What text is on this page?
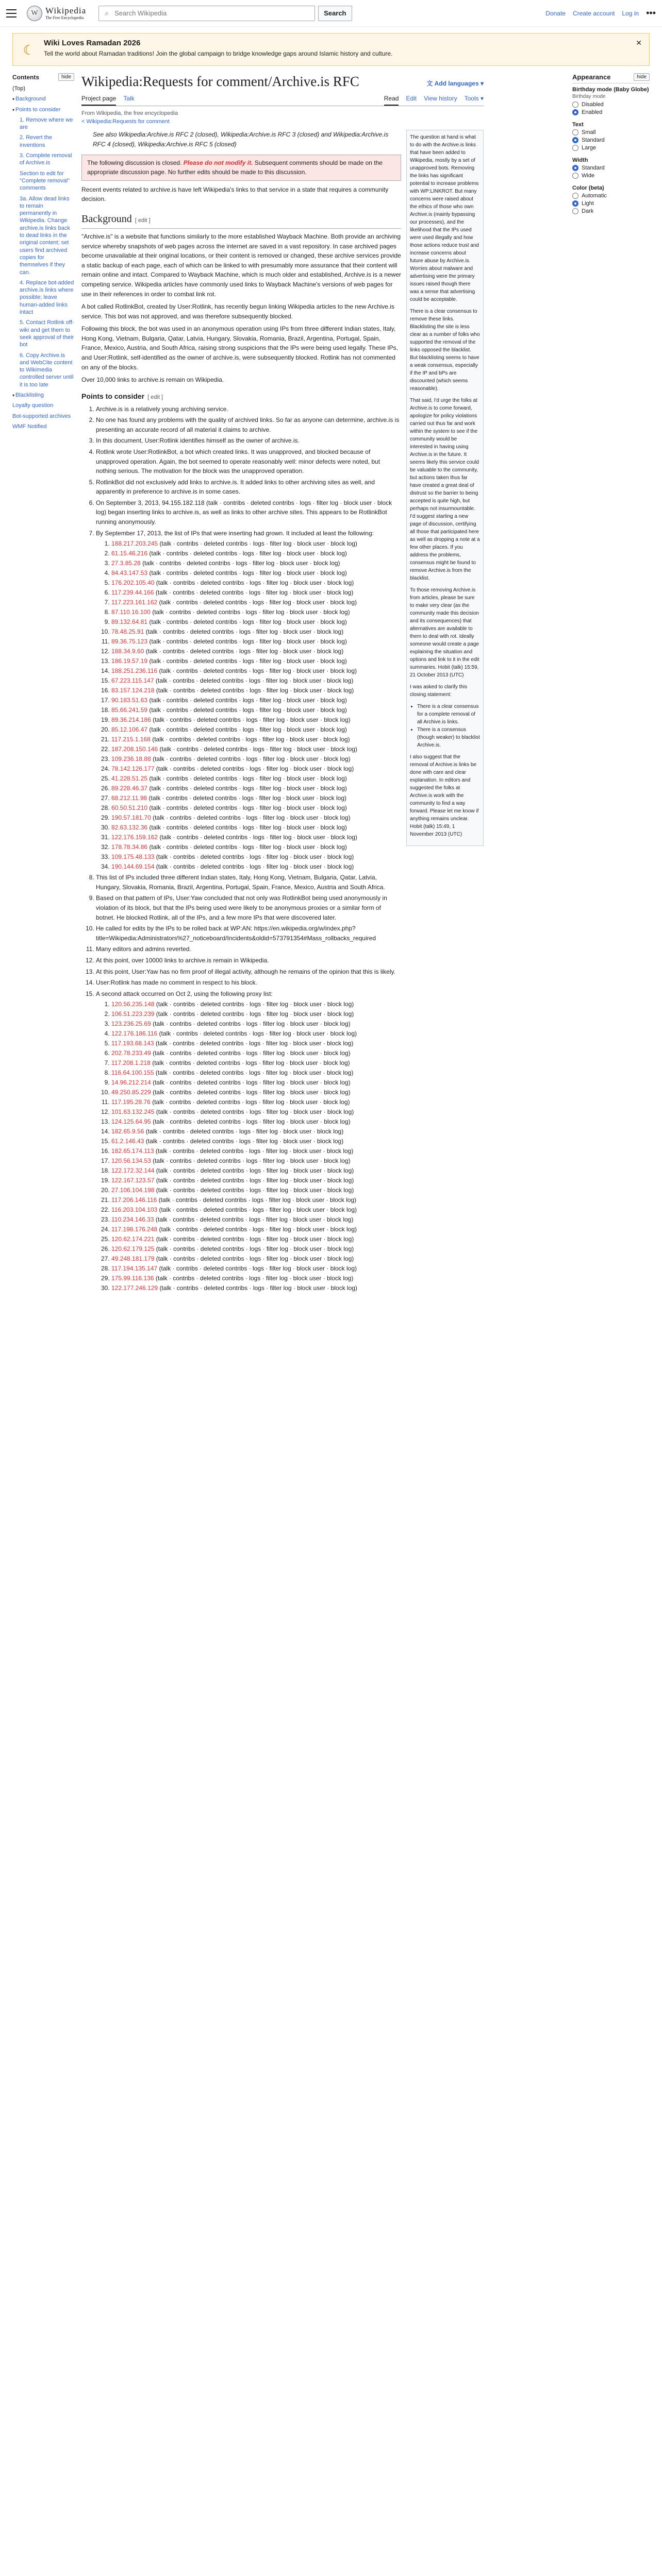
W Wikipedia
The Free Encyclopedia
⌕
Search Wikipedia	Search	Donate Create account Log in •••
☾	Wiki Loves Ramadan 2026
Tell the world about Ramadan traditions! Join the global campaign to bridge knowledge gaps around Islamic history and culture.
✕
Contents	hide
(Top)
▾ Background
▾ Points to consider
1. Remove where we are
2. Revert the inventions
3. Complete removal of Archive.is
Section to edit for "Complete removal" comments
3a. Allow dead links to remain permanently in Wikipedia. Change archive.is links back to dead links in the original content; set users find archived copies for themselves if they can.
4. Replace bot-added archive.is links where possible; leave human-added links intact
5. Contact Rotlink off-wiki and get them to seek approval of their bot
6. Copy Archive.is and WebCite content to Wikimedia controlled server until it is too late
▾ Blacklisting
Loyalty question
Bot-supported archives
WMF Notified
Wikipedia:Requests for comment/Archive.is RFC	文 Add languages ▾
Project page Talk	Read Edit View history Tools ▾
From Wikipedia, the free encyclopedia
< Wikipedia:Requests for comment
See also Wikipedia:Archive.is RFC 2 (closed), Wikipedia:Archive.is RFC 3 (closed) and Wikipedia:Archive.is RFC 4 (closed), Wikipedia:Archive.is RFC 5 (closed)
The following discussion is closed. Please do not modify it. Subsequent comments should be made on the appropriate discussion page. No further edits should be made to this discussion.

Recent events related to archive.is have left Wikipedia's links to that service in a state that requires a community decision.

Background [ edit ]

"Archive.is" is a website that functions similarly to the more established Wayback Machine. Both provide an archiving service whereby snapshots of web pages across the internet are saved in a vast repository. In case archived pages become unavailable at their original locations, or their content is removed or changed, these archive services provide a static backup of each page, each of which can be linked to with presumably more assurance that their content will remain online and intact. Compared to Wayback Machine, which is much older and established, Archive.is is a newer competing service. Wikipedia articles have commonly used links to Wayback Machine's versions of web pages for use in their references in order to combat link rot.

A bot called RotlinkBot, created by User:Rotlink, has recently begun linking Wikipedia articles to the new Archive.is service. This bot was not approved, and was therefore subsequently blocked.

Following this block, the bot was used in an anonymous operation using IPs from three different Indian states, Italy, Hong Kong, Vietnam, Bulgaria, Qatar, Latvia, Hungary, Slovakia, Romania, Brazil, Argentina, Portugal, Spain, France, Mexico, Austria, and South Africa, raising strong suspicions that the IPs were being used legally. These IPs, and User:Rotlink, self-identified as the owner of archive.is, were subsequently blocked. Rotlink has not commented on any of the blocks.

Over 10,000 links to archive.is remain on Wikipedia.

Points to consider [ edit ]
1. Archive.is is a relatively young archiving service.
2. No one has found any problems with the quality of archived links. So far as anyone can determine, archive.is is presenting an accurate record of all material it claims to archive.
3. In this document, User:Rotlink identifies himself as the owner of archive.is.
4. Rotlink wrote User:RotlinkBot, a bot which created links. It was unapproved, and blocked because of unapproved operation. Again, the bot seemed to operate reasonably well: minor defects were noted, but nothing serious. The motivation for the block was the unapproved operation.
5. RotlinkBot did not exclusively add links to archive.is. It added links to other archiving sites as well, and apparently in preference to archive.is in some cases.
6. On September 3, 2013, 94.155.182.118 (talk · contribs · deleted contribs · logs · filter log · block user · block log) began inserting links to archive.is, as well as links to other archive sites. This appears to be RotlinkBot running anonymously.
7. By September 17, 2013, the list of IPs that were inserting had grown. It included at least the following:
1. 188.217.203.245 (talk · contribs · deleted contribs · logs · filter log · block user · block log)
2. 61.15.46.216 (talk · contribs · deleted contribs · logs · filter log · block user · block log)
3. 27.3.85.28 (talk · contribs · deleted contribs · logs · filter log · block user · block log)
4. 84.43.147.53 (talk · contribs · deleted contribs · logs · filter log · block user · block log)
5. 176.202.105.40 (talk · contribs · deleted contribs · logs · filter log · block user · block log)
6. 117.239.44.166 (talk · contribs · deleted contribs · logs · filter log · block user · block log)
7. 117.223.161.162 (talk · contribs · deleted contribs · logs · filter log · block user · block log)
8. 87.110.16.100 (talk · contribs · deleted contribs · logs · filter log · block user · block log)
9. 89.132.64.81 (talk · contribs · deleted contribs · logs · filter log · block user · block log)
10. 78.48.25.91 (talk · contribs · deleted contribs · logs · filter log · block user · block log)
11. 89.36.75.123 (talk · contribs · deleted contribs · logs · filter log · block user · block log)
12. 188.34.9.60 (talk · contribs · deleted contribs · logs · filter log · block user · block log)
13. 186.19.57.19 (talk · contribs · deleted contribs · logs · filter log · block user · block log)
14. 188.251.236.116 (talk · contribs · deleted contribs · logs · filter log · block user · block log)
15. 67.223.115.147 (talk · contribs · deleted contribs · logs · filter log · block user · block log)
16. 83.157.124.218 (talk · contribs · deleted contribs · logs · filter log · block user · block log)
17. 90.183.51.63 (talk · contribs · deleted contribs · logs · filter log · block user · block log)
18. 85.66.241.59 (talk · contribs · deleted contribs · logs · filter log · block user · block log)
19. 89.36.214.186 (talk · contribs · deleted contribs · logs · filter log · block user · block log)
20. 85.12.106.47 (talk · contribs · deleted contribs · logs · filter log · block user · block log)
21. 117.215.1.168 (talk · contribs · deleted contribs · logs · filter log · block user · block log)
22. 187.208.150.146 (talk · contribs · deleted contribs · logs · filter log · block user · block log)
23. 109.236.18.88 (talk · contribs · deleted contribs · logs · filter log · block user · block log)
24. 78.142.126.177 (talk · contribs · deleted contribs · logs · filter log · block user · block log)
25. 41.228.51.25 (talk · contribs · deleted contribs · logs · filter log · block user · block log)
26. 89.228.46.37 (talk · contribs · deleted contribs · logs · filter log · block user · block log)
27. 68.212.11.98 (talk · contribs · deleted contribs · logs · filter log · block user · block log)
28. 60.50.51.210 (talk · contribs · deleted contribs · logs · filter log · block user · block log)
29. 190.57.181.70 (talk · contribs · deleted contribs · logs · filter log · block user · block log)
30. 82.63.132.36 (talk · contribs · deleted contribs · logs · filter log · block user · block log)
31. 122.176.159.162 (talk · contribs · deleted contribs · logs · filter log · block user · block log)
32. 178.78.34.86 (talk · contribs · deleted contribs · logs · filter log · block user · block log)
33. 109.175.48.133 (talk · contribs · deleted contribs · logs · filter log · block user · block log)
34. 190.144.69.154 (talk · contribs · deleted contribs · logs · filter log · block user · block log)
8. This list of IPs included three different Indian states, Italy, Hong Kong, Vietnam, Bulgaria, Qatar, Latvia, Hungary, Slovakia, Romania, Brazil, Argentina, Portugal, Spain, France, Mexico, Austria and South Africa.
9. Based on that pattern of IPs, User:Yaw concluded that not only was RotlinkBot being used anonymously in violation of its block, but that the IPs being used were likely to be anonymous proxies or a similar form of botnet. He blocked Rotlink, all of the IPs, and a few more IPs that were discovered later.
10. He called for edits by the IPs to be rolled back at WP:AN: https://en.wikipedia.org/w/index.php?title=Wikipedia:Administrators%27_noticeboard/Incidents&oldid=573791354#Mass_rollbacks_required
11. Many editors and admins reverted.
12. At this point, over 10000 links to archive.is remain in Wikipedia.
13. At this point, User:Yaw has no firm proof of illegal activity, although he remains of the opinion that this is likely.
14. User:Rotlink has made no comment in respect to his block.
15. A second attack occurred on Oct 2, using the following proxy list:
1. 120.56.235.148 (talk · contribs · deleted contribs · logs · filter log · block user · block log)
2. 106.51.223.239 (talk · contribs · deleted contribs · logs · filter log · block user · block log)
3. 123.236.25.69 (talk · contribs · deleted contribs · logs · filter log · block user · block log)
4. 122.176.186.116 (talk · contribs · deleted contribs · logs · filter log · block user · block log)
5. 117.193.68.143 (talk · contribs · deleted contribs · logs · filter log · block user · block log)
6. 202.78.233.49 (talk · contribs · deleted contribs · logs · filter log · block user · block log)
7. 117.208.1.218 (talk · contribs · deleted contribs · logs · filter log · block user · block log)
8. 116.64.100.155 (talk · contribs · deleted contribs · logs · filter log · block user · block log)
9. 14.96.212.214 (talk · contribs · deleted contribs · logs · filter log · block user · block log)
10. 49.250.85.229 (talk · contribs · deleted contribs · logs · filter log · block user · block log)
11. 117.195.28.76 (talk · contribs · deleted contribs · logs · filter log · block user · block log)
12. 101.63.132.245 (talk · contribs · deleted contribs · logs · filter log · block user · block log)
13. 124.125.64.95 (talk · contribs · deleted contribs · logs · filter log · block user · block log)
14. 182.65.9.56 (talk · contribs · deleted contribs · logs · filter log · block user · block log)
15. 61.2.146.43 (talk · contribs · deleted contribs · logs · filter log · block user · block log)
16. 182.65.174.113 (talk · contribs · deleted contribs · logs · filter log · block user · block log)
17. 120.56.134.53 (talk · contribs · deleted contribs · logs · filter log · block user · block log)
18. 122.172.32.144 (talk · contribs · deleted contribs · logs · filter log · block user · block log)
19. 122.167.123.57 (talk · contribs · deleted contribs · logs · filter log · block user · block log)
20. 27.106.104.198 (talk · contribs · deleted contribs · logs · filter log · block user · block log)
21. 117.206.146.116 (talk · contribs · deleted contribs · logs · filter log · block user · block log)
22. 116.203.104.103 (talk · contribs · deleted contribs · logs · filter log · block user · block log)
23. 110.234.146.33 (talk · contribs · deleted contribs · logs · filter log · block user · block log)
24. 117.198.176.248 (talk · contribs · deleted contribs · logs · filter log · block user · block log)
25. 120.62.174.221 (talk · contribs · deleted contribs · logs · filter log · block user · block log)
26. 120.62.179.125 (talk · contribs · deleted contribs · logs · filter log · block user · block log)
27. 49.248.181.179 (talk · contribs · deleted contribs · logs · filter log · block user · block log)
28. 117.194.135.147 (talk · contribs · deleted contribs · logs · filter log · block user · block log)
29. 175.99.116.136 (talk · contribs · deleted contribs · logs · filter log · block user · block log)
30. 122.177.246.129 (talk · contribs · deleted contribs · logs · filter log · block user · block log)

The question at hand is what to do with the Archive.is links that have been added to Wikipedia, mostly by a set of unapproved bots. Removing the links has significant potential to increase problems with WP:LINKROT. But many concerns were raised about the ethics of those who own Archive.is (mainly bypassing our processes), and the likelihood that the IPs used were used illegally and how those actions reduce trust and increase concerns about future abuse by Archive.is. Worries about malware and advertising were the primary issues raised though there was a sense that advertising could be acceptable.

There is a clear consensus to remove these links. Blacklisting the site is less clear as a number of folks who supported the removal of the links opposed the blacklist. But blacklisting seems to have a weak consensus, especially if the IP and bPs are discounted (which seems reasonable).

That said, I'd urge the folks at Archive.is to come forward, apologize for policy violations carried out thus far and work within the system to see if the community would be interested in having using Archive.is in the future. It seems likely this service could be valuable to the community, but actions taken thus far have created a great deal of distrust so the barrier to being accepted is quite high, but perhaps not insurmountable. I'd suggest starting a new page of discussion, certifying all those that participated here as well as dropping a note at a few other places. If you address the problems, consensus might be found to remove Archive.is from the blacklist.

To those removing Archive.is from articles, please be sure to make very clear (as the community made this decision and its consequences) that alternatives are available to them to deal with rot. Ideally someone would create a page explaining the situation and options and link to it in the edit summaries. Hobit (talk) 15:59, 21 October 2013 (UTC)

I was asked to clarify this closing statement:

• There is a clear consensus for a complete removal of all Archive.is links.
• There is a consensus (though weaker) to blacklist Archive.is.

I also suggest that the removal of Archive.is links be done with care and clear explanation. In editors and suggested the folks at Archive.is work with the community to find a way forward. Please let me know if anything remains unclear. Hobit (talk) 15:49, 1 November 2013 (UTC)

Appearance	hide
Birthday mode (Baby Globe)
Birthday mode
Disabled
Enabled
Text
Small
Standard
Large
Width
Standard
Wide
Color (beta)
Automatic
Light
Dark
